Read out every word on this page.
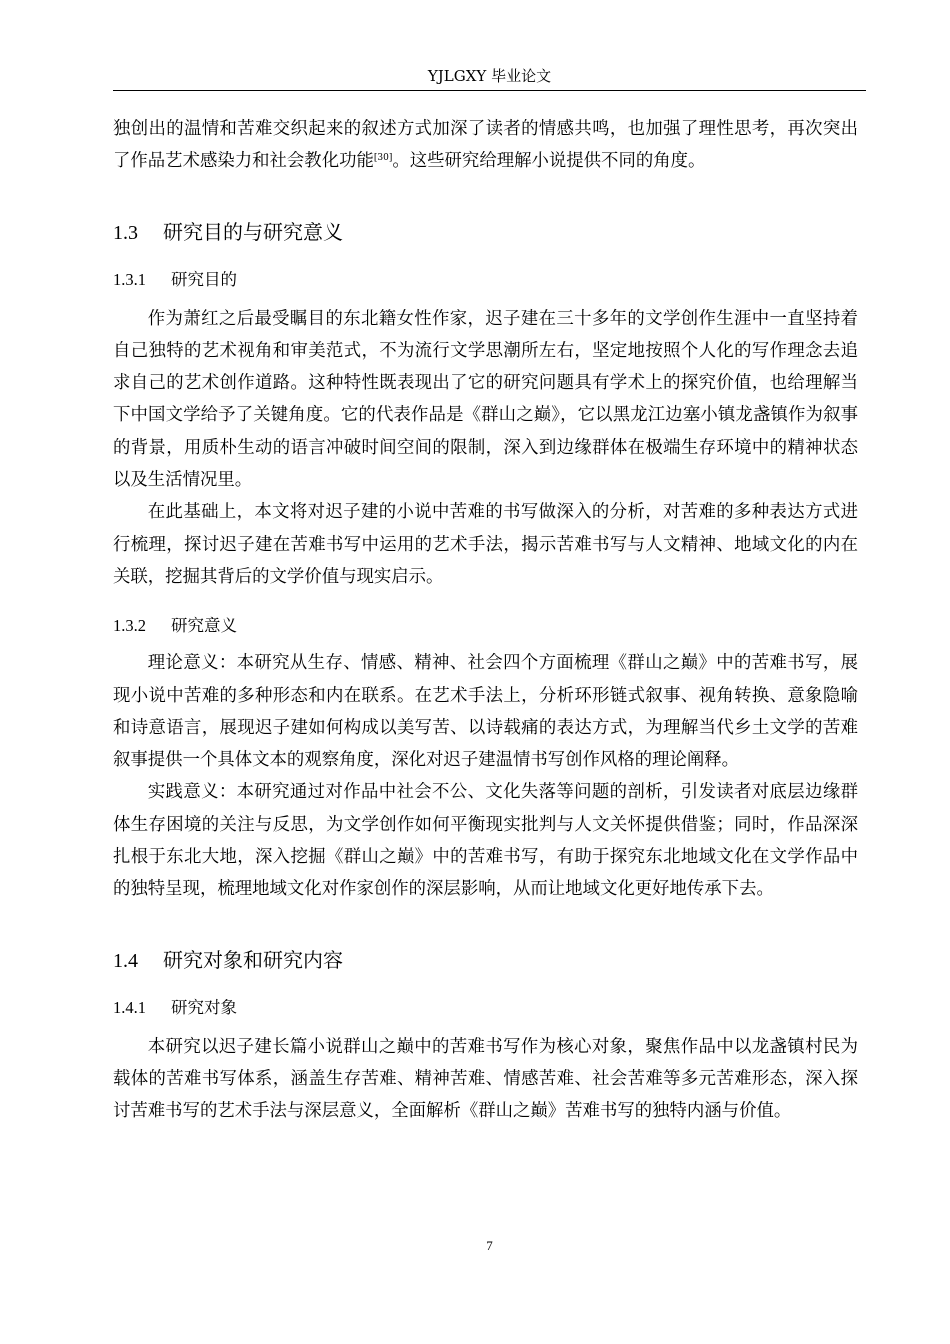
YJLGXY 毕业论文

独创出的温情和苦难交织起来的叙述方式加深了读者的情感共鸣，也加强了理性思考，再次突出了作品艺术感染力和社会教化功能[30]。这些研究给理解小说提供不同的角度。

1.3 研究目的与研究意义
1.3.1 研究目的

作为萧红之后最受瞩目的东北籍女性作家，迟子建在三十多年的文学创作生涯中一直坚持着自己独特的艺术视角和审美范式，不为流行文学思潮所左右，坚定地按照个人化的写作理念去追求自己的艺术创作道路。这种特性既表现出了它的研究问题具有学术上的探究价值，也给理解当下中国文学给予了关键角度。它的代表作品是《群山之巅》，它以黑龙江边塞小镇龙盏镇作为叙事的背景，用质朴生动的语言冲破时间空间的限制，深入到边缘群体在极端生存环境中的精神状态以及生活情况里。

在此基础上，本文将对迟子建的小说中苦难的书写做深入的分析，对苦难的多种表达方式进行梳理，探讨迟子建在苦难书写中运用的艺术手法，揭示苦难书写与人文精神、地域文化的内在关联，挖掘其背后的文学价值与现实启示。

1.3.2 研究意义

理论意义：本研究从生存、情感、精神、社会四个方面梳理《群山之巅》中的苦难书写，展现小说中苦难的多种形态和内在联系。在艺术手法上，分析环形链式叙事、视角转换、意象隐喻和诗意语言，展现迟子建如何构成以美写苦、以诗载痛的表达方式，为理解当代乡土文学的苦难叙事提供一个具体文本的观察角度，深化对迟子建温情书写创作风格的理论阐释。

实践意义：本研究通过对作品中社会不公、文化失落等问题的剖析，引发读者对底层边缘群体生存困境的关注与反思，为文学创作如何平衡现实批判与人文关怀提供借鉴；同时，作品深深扎根于东北大地，深入挖掘《群山之巅》中的苦难书写，有助于探究东北地域文化在文学作品中的独特呈现，梳理地域文化对作家创作的深层影响，从而让地域文化更好地传承下去。

1.4 研究对象和研究内容
1.4.1 研究对象

本研究以迟子建长篇小说群山之巅中的苦难书写作为核心对象，聚焦作品中以龙盏镇村民为载体的苦难书写体系，涵盖生存苦难、精神苦难、情感苦难、社会苦难等多元苦难形态，深入探讨苦难书写的艺术手法与深层意义，全面解析《群山之巅》苦难书写的独特内涵与价值。

7
